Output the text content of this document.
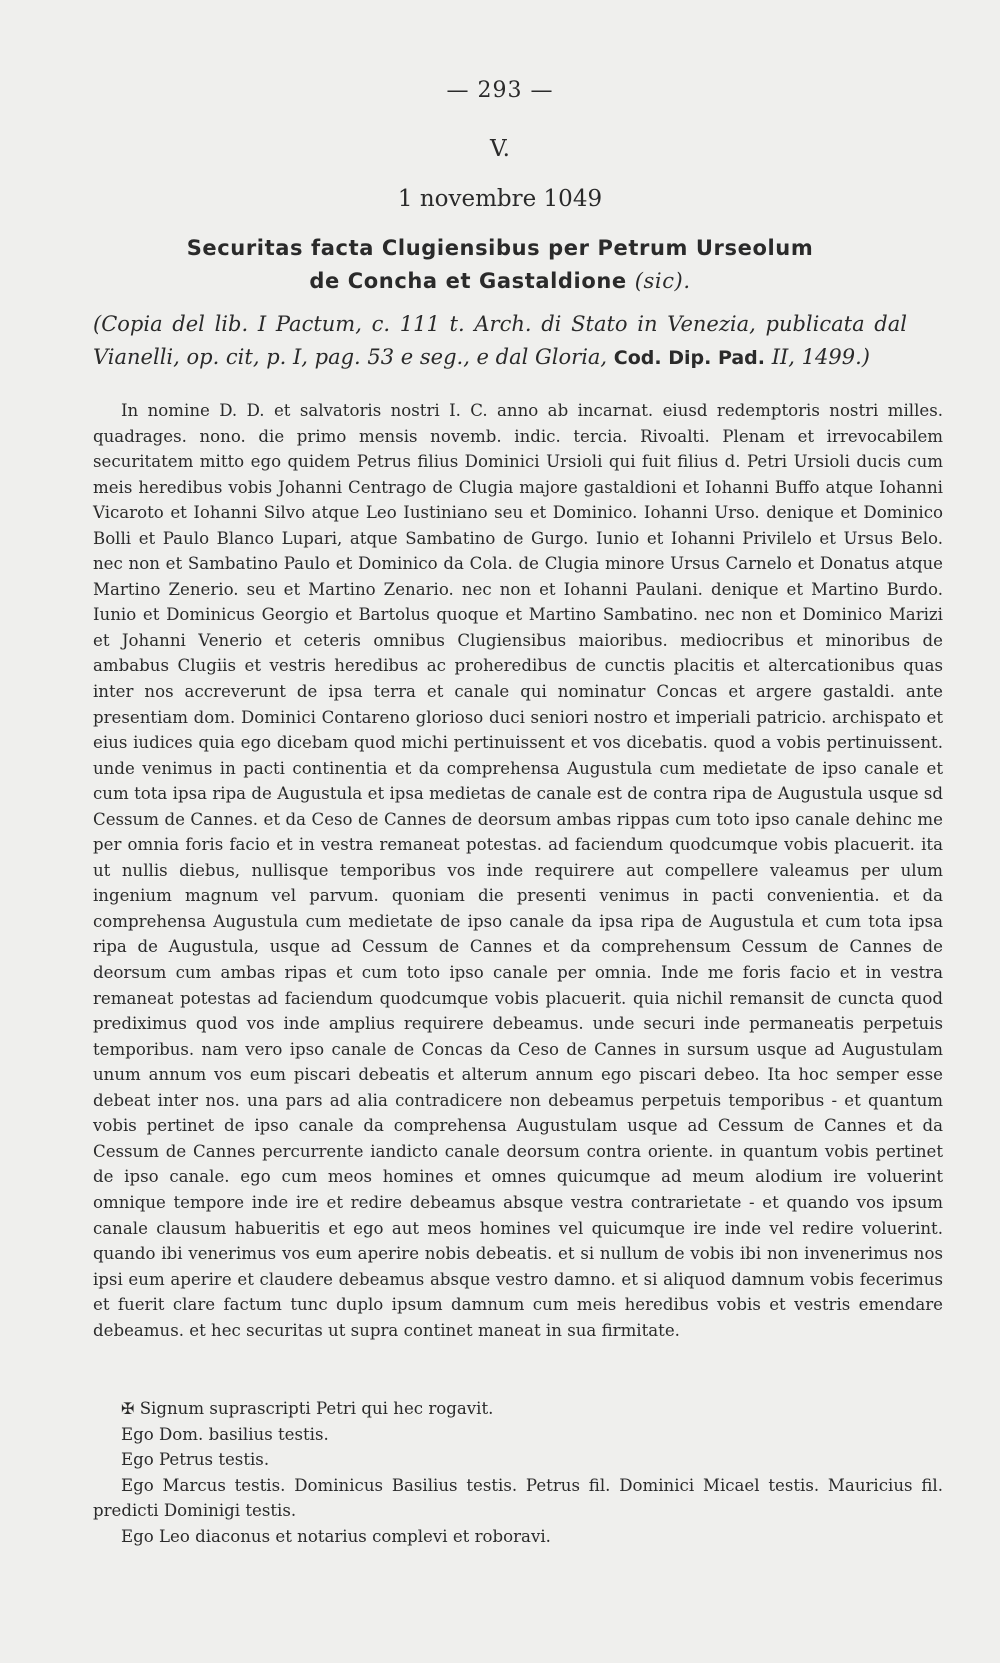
— 293 —
V.
1 novembre 1049
Securitas facta Clugiensibus per Petrum Urseolum
de Concha et Gastaldione (sic).
(Copia del lib. I Pactum, c. 111 t. Arch. di Stato in Venezia, publicata dal Vianelli, op. cit, p. I, pag. 53 e seg., e dal Gloria, Cod. Dip. Pad. II, 1499.)

In nomine D. D. et salvatoris nostri I. C. anno ab incarnat. eiusd redemptoris nostri milles. quadrages. nono. die primo mensis novemb. indic. tercia. Rivoalti. Plenam et irrevocabilem securitatem mitto ego quidem Petrus filius Dominici Ursioli qui fuit filius d. Petri Ursioli ducis cum meis heredibus vobis Johanni Centrago de Clugia majore gastaldioni et Iohanni Buffo atque Iohanni Vicaroto et Iohanni Silvo atque Leo Iustiniano seu et Dominico. Iohanni Urso. denique et Dominico Bolli et Paulo Blanco Lupari, atque Sambatino de Gurgo. Iunio et Iohanni Privilelo et Ursus Belo. nec non et Sambatino Paulo et Dominico da Cola. de Clugia minore Ursus Carnelo et Donatus atque Martino Zenerio. seu et Martino Zenario. nec non et Iohanni Paulani. denique et Martino Burdo. Iunio et Dominicus Georgio et Bartolus quoque et Martino Sambatino. nec non et Dominico Marizi et Johanni Venerio et ceteris omnibus Clugiensibus maioribus. mediocribus et minoribus de ambabus Clugiis et vestris heredibus ac proheredibus de cunctis placitis et altercationibus quas inter nos accreverunt de ipsa terra et canale qui nominatur Concas et argere gastaldi. ante presentiam dom. Dominici Contareno glorioso duci seniori nostro et imperiali patricio. archispato et eius iudices quia ego dicebam quod michi pertinuissent et vos dicebatis. quod a vobis pertinuissent. unde venimus in pacti continentia et da comprehensa Augustula cum medietate de ipso canale et cum tota ipsa ripa de Augustula et ipsa medietas de canale est de contra ripa de Augustula usque sd Cessum de Cannes. et da Ceso de Cannes de deorsum ambas rippas cum toto ipso canale dehinc me per omnia foris facio et in vestra remaneat potestas. ad faciendum quodcumque vobis placuerit. ita ut nullis diebus, nullisque temporibus vos inde requirere aut compellere valeamus per ulum ingenium magnum vel parvum. quoniam die presenti venimus in pacti convenientia. et da comprehensa Augustula cum medietate de ipso canale da ipsa ripa de Augustula et cum tota ipsa ripa de Augustula, usque ad Cessum de Cannes et da comprehensum Cessum de Cannes de deorsum cum ambas ripas et cum toto ipso canale per omnia. Inde me foris facio et in vestra remaneat potestas ad faciendum quodcumque vobis placuerit. quia nichil remansit de cuncta quod prediximus quod vos inde amplius requirere debeamus. unde securi inde permaneatis perpetuis temporibus. nam vero ipso canale de Concas da Ceso de Cannes in sursum usque ad Augustulam unum annum vos eum piscari debeatis et alterum annum ego piscari debeo. Ita hoc semper esse debeat inter nos. una pars ad alia contradicere non debeamus perpetuis temporibus - et quantum vobis pertinet de ipso canale da comprehensa Augustulam usque ad Cessum de Cannes et da Cessum de Cannes percurrente iandicto canale deorsum contra oriente. in quantum vobis pertinet de ipso canale. ego cum meos homines et omnes quicumque ad meum alodium ire voluerint omnique tempore inde ire et redire debeamus absque vestra contrarietate - et quando vos ipsum canale clausum habueritis et ego aut meos homines vel quicumque ire inde vel redire voluerint. quando ibi venerimus vos eum aperire nobis debeatis. et si nullum de vobis ibi non invenerimus nos ipsi eum aperire et claudere debeamus absque vestro damno. et si aliquod damnum vobis fecerimus et fuerit clare factum tunc duplo ipsum damnum cum meis heredibus vobis et vestris emendare debeamus. et hec securitas ut supra continet maneat in sua firmitate.

✠ Signum suprascripti Petri qui hec rogavit.
Ego Dom. basilius testis.
Ego Petrus testis.
Ego Marcus testis. Dominicus Basilius testis. Petrus fil. Dominici Micael testis. Mauricius fil. predicti Dominigi testis.
Ego Leo diaconus et notarius complevi et roboravi.
